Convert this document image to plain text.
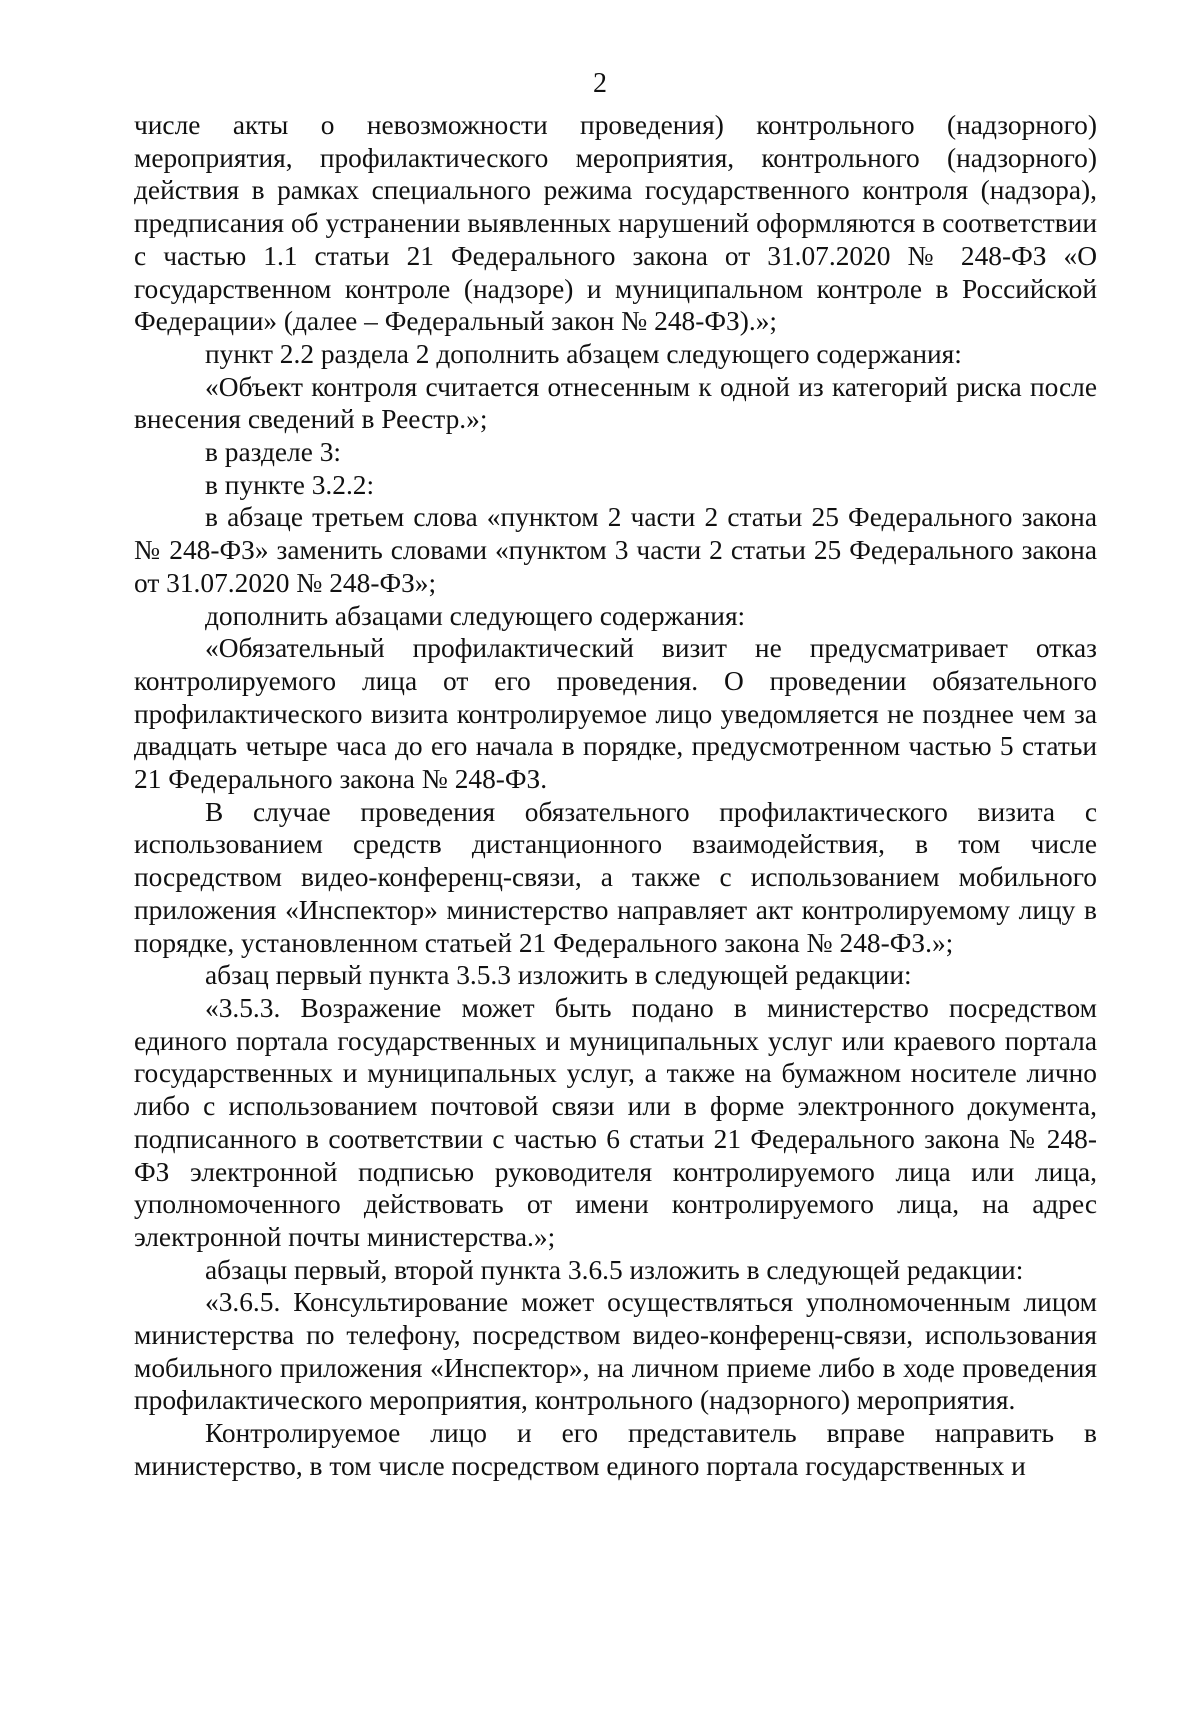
2

числе акты о невозможности проведения) контрольного (надзорного) мероприятия, профилактического мероприятия, контрольного (надзорного) действия в рамках специального режима государственного контроля (надзора), предписания об устранении выявленных нарушений оформляются в соответствии с частью 1.1 статьи 21 Федерального закона от 31.07.2020 № 248-ФЗ «О государственном контроле (надзоре) и муниципальном контроле в Российской Федерации» (далее – Федеральный закон № 248-ФЗ).»;

пункт 2.2 раздела 2 дополнить абзацем следующего содержания:

«Объект контроля считается отнесенным к одной из категорий риска после внесения сведений в Реестр.»;

в разделе 3:

в пункте 3.2.2:

в абзаце третьем слова «пунктом 2 части 2 статьи 25 Федерального закона № 248-ФЗ» заменить словами «пунктом 3 части 2 статьи 25 Федерального закона от 31.07.2020 № 248-ФЗ»;

дополнить абзацами следующего содержания:

«Обязательный профилактический визит не предусматривает отказ контролируемого лица от его проведения. О проведении обязательного профилактического визита контролируемое лицо уведомляется не позднее чем за двадцать четыре часа до его начала в порядке, предусмотренном частью 5 статьи 21 Федерального закона № 248-ФЗ.

В случае проведения обязательного профилактического визита с использованием средств дистанционного взаимодействия, в том числе посредством видео-конференц-связи, а также с использованием мобильного приложения «Инспектор» министерство направляет акт контролируемому лицу в порядке, установленном статьей 21 Федерального закона № 248-ФЗ.»;

абзац первый пункта 3.5.3 изложить в следующей редакции:

«3.5.3. Возражение может быть подано в министерство посредством единого портала государственных и муниципальных услуг или краевого портала государственных и муниципальных услуг, а также на бумажном носителе лично либо с использованием почтовой связи или в форме электронного документа, подписанного в соответствии с частью 6 статьи 21 Федерального закона № 248-ФЗ электронной подписью руководителя контролируемого лица или лица, уполномоченного действовать от имени контролируемого лица, на адрес электронной почты министерства.»;

абзацы первый, второй пункта 3.6.5 изложить в следующей редакции:

«3.6.5. Консультирование может осуществляться уполномоченным лицом министерства по телефону, посредством видео-конференц-связи, использования мобильного приложения «Инспектор», на личном приеме либо в ходе проведения профилактического мероприятия, контрольного (надзорного) мероприятия.

Контролируемое лицо и его представитель вправе направить в министерство, в том числе посредством единого портала государственных и
